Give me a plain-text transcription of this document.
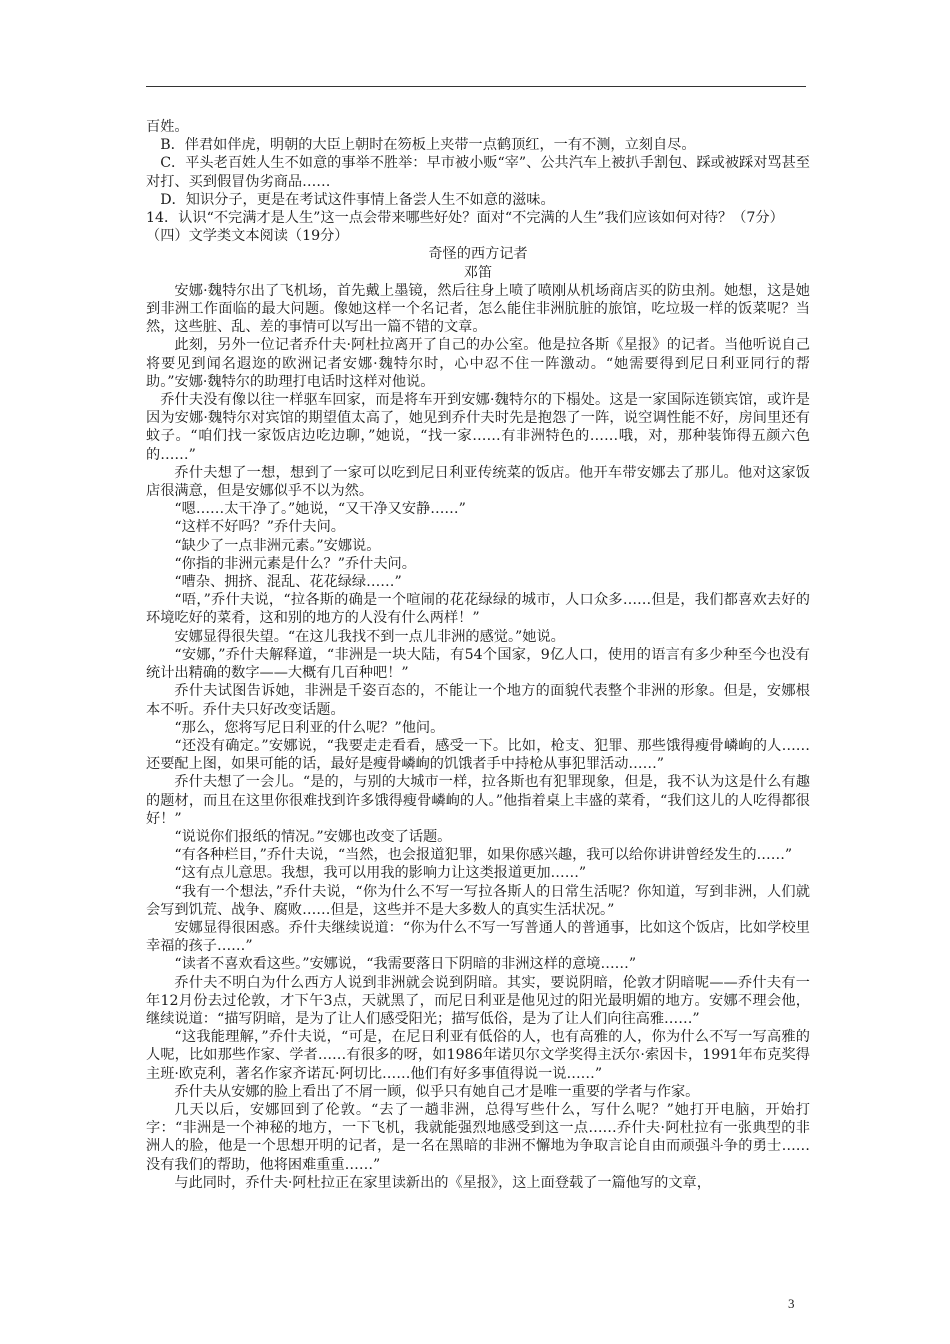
百姓。

B．伴君如伴虎，明朝的大臣上朝时在笏板上夹带一点鹤顶红，一有不测，立刻自尽。

C．平头老百姓人生不如意的事举不胜举：早市被小贩“宰”、公共汽车上被扒手割包、踩或被踩对骂甚至对打、买到假冒伪劣商品……

D．知识分子，更是在考试这件事情上备尝人生不如意的滋味。

14．认识“不完满才是人生”这一点会带来哪些好处？面对“不完满的人生”我们应该如何对待？（7分）

（四）文学类文本阅读（19分）

奇怪的西方记者

邓笛

安娜·魏特尔出了飞机场，首先戴上墨镜，然后往身上喷了喷刚从机场商店买的防虫剂。她想，这是她到非洲工作面临的最大问题。像她这样一个名记者，怎么能住非洲肮脏的旅馆，吃垃圾一样的饭菜呢？当然，这些脏、乱、差的事情可以写出一篇不错的文章。

此刻，另外一位记者乔什夫·阿杜拉离开了自己的办公室。他是拉各斯《星报》的记者。当他听说自己将要见到闻名遐迩的欧洲记者安娜·魏特尔时，心中忍不住一阵激动。“她需要得到尼日利亚同行的帮助。”安娜·魏特尔的助理打电话时这样对他说。

乔什夫没有像以往一样驱车回家，而是将车开到安娜·魏特尔的下榻处。这是一家国际连锁宾馆，或许是因为安娜·魏特尔对宾馆的期望值太高了，她见到乔什夫时先是抱怨了一阵，说空调性能不好，房间里还有蚊子。“咱们找一家饭店边吃边聊，”她说，“找一家……有非洲特色的……哦，对，那种装饰得五颜六色的……”

乔什夫想了一想，想到了一家可以吃到尼日利亚传统菜的饭店。他开车带安娜去了那儿。他对这家饭店很满意，但是安娜似乎不以为然。

“嗯……太干净了。”她说，“又干净又安静……”

“这样不好吗？”乔什夫问。

“缺少了一点非洲元素。”安娜说。

“你指的非洲元素是什么？”乔什夫问。

“嘈杂、拥挤、混乱、花花绿绿……”

“唔，”乔什夫说，“拉各斯的确是一个喧闹的花花绿绿的城市，人口众多……但是，我们都喜欢去好的环境吃好的菜肴，这和别的地方的人没有什么两样！”

安娜显得很失望。“在这儿我找不到一点儿非洲的感觉。”她说。

“安娜，”乔什夫解释道，“非洲是一块大陆，有54个国家，9亿人口，使用的语言有多少种至今也没有统计出精确的数字——大概有几百种吧！”

乔什夫试图告诉她，非洲是千姿百态的，不能让一个地方的面貌代表整个非洲的形象。但是，安娜根本不听。乔什夫只好改变话题。

“那么，您将写尼日利亚的什么呢？”他问。

“还没有确定。”安娜说，“我要走走看看，感受一下。比如，枪支、犯罪、那些饿得瘦骨嶙峋的人……还要配上图，如果可能的话，最好是瘦骨嶙峋的饥饿者手中持枪从事犯罪活动……”

乔什夫想了一会儿。“是的，与别的大城市一样，拉各斯也有犯罪现象，但是，我不认为这是什么有趣的题材，而且在这里你很难找到许多饿得瘦骨嶙峋的人。”他指着桌上丰盛的菜肴，“我们这儿的人吃得都很好！”

“说说你们报纸的情况。”安娜也改变了话题。

“有各种栏目，”乔什夫说，“当然，也会报道犯罪，如果你感兴趣，我可以给你讲讲曾经发生的……”

“这有点儿意思。我想，我可以用我的影响力让这类报道更加……”

“我有一个想法，”乔什夫说，“你为什么不写一写拉各斯人的日常生活呢？你知道，写到非洲，人们就会写到饥荒、战争、腐败……但是，这些并不是大多数人的真实生活状况。”

安娜显得很困惑。乔什夫继续说道：“你为什么不写一写普通人的普通事，比如这个饭店，比如学校里幸福的孩子……”

“读者不喜欢看这些。”安娜说，“我需要落日下阴暗的非洲这样的意境……”

乔什夫不明白为什么西方人说到非洲就会说到阴暗。其实，要说阴暗，伦敦才阴暗呢——乔什夫有一年12月份去过伦敦，才下午3点，天就黑了，而尼日利亚是他见过的阳光最明媚的地方。安娜不理会他，继续说道：“描写阴暗，是为了让人们感受阳光；描写低俗，是为了让人们向往高雅……”

“这我能理解，”乔什夫说，“可是，在尼日利亚有低俗的人，也有高雅的人，你为什么不写一写高雅的人呢，比如那些作家、学者……有很多的呀，如1986年诺贝尔文学奖得主沃尔·索因卡，1991年布克奖得主班·欧克利，著名作家齐诺瓦·阿切比……他们有好多事值得说一说……”

乔什夫从安娜的脸上看出了不屑一顾，似乎只有她自己才是唯一重要的学者与作家。

几天以后，安娜回到了伦敦。“去了一趟非洲，总得写些什么，写什么呢？”她打开电脑，开始打字：“非洲是一个神秘的地方，一下飞机，我就能强烈地感受到这一点……乔什夫·阿杜拉有一张典型的非洲人的脸，他是一个思想开明的记者，是一名在黑暗的非洲不懈地为争取言论自由而顽强斗争的勇士……没有我们的帮助，他将困难重重……”

与此同时，乔什夫·阿杜拉正在家里读新出的《星报》，这上面登载了一篇他写的文章，

3
